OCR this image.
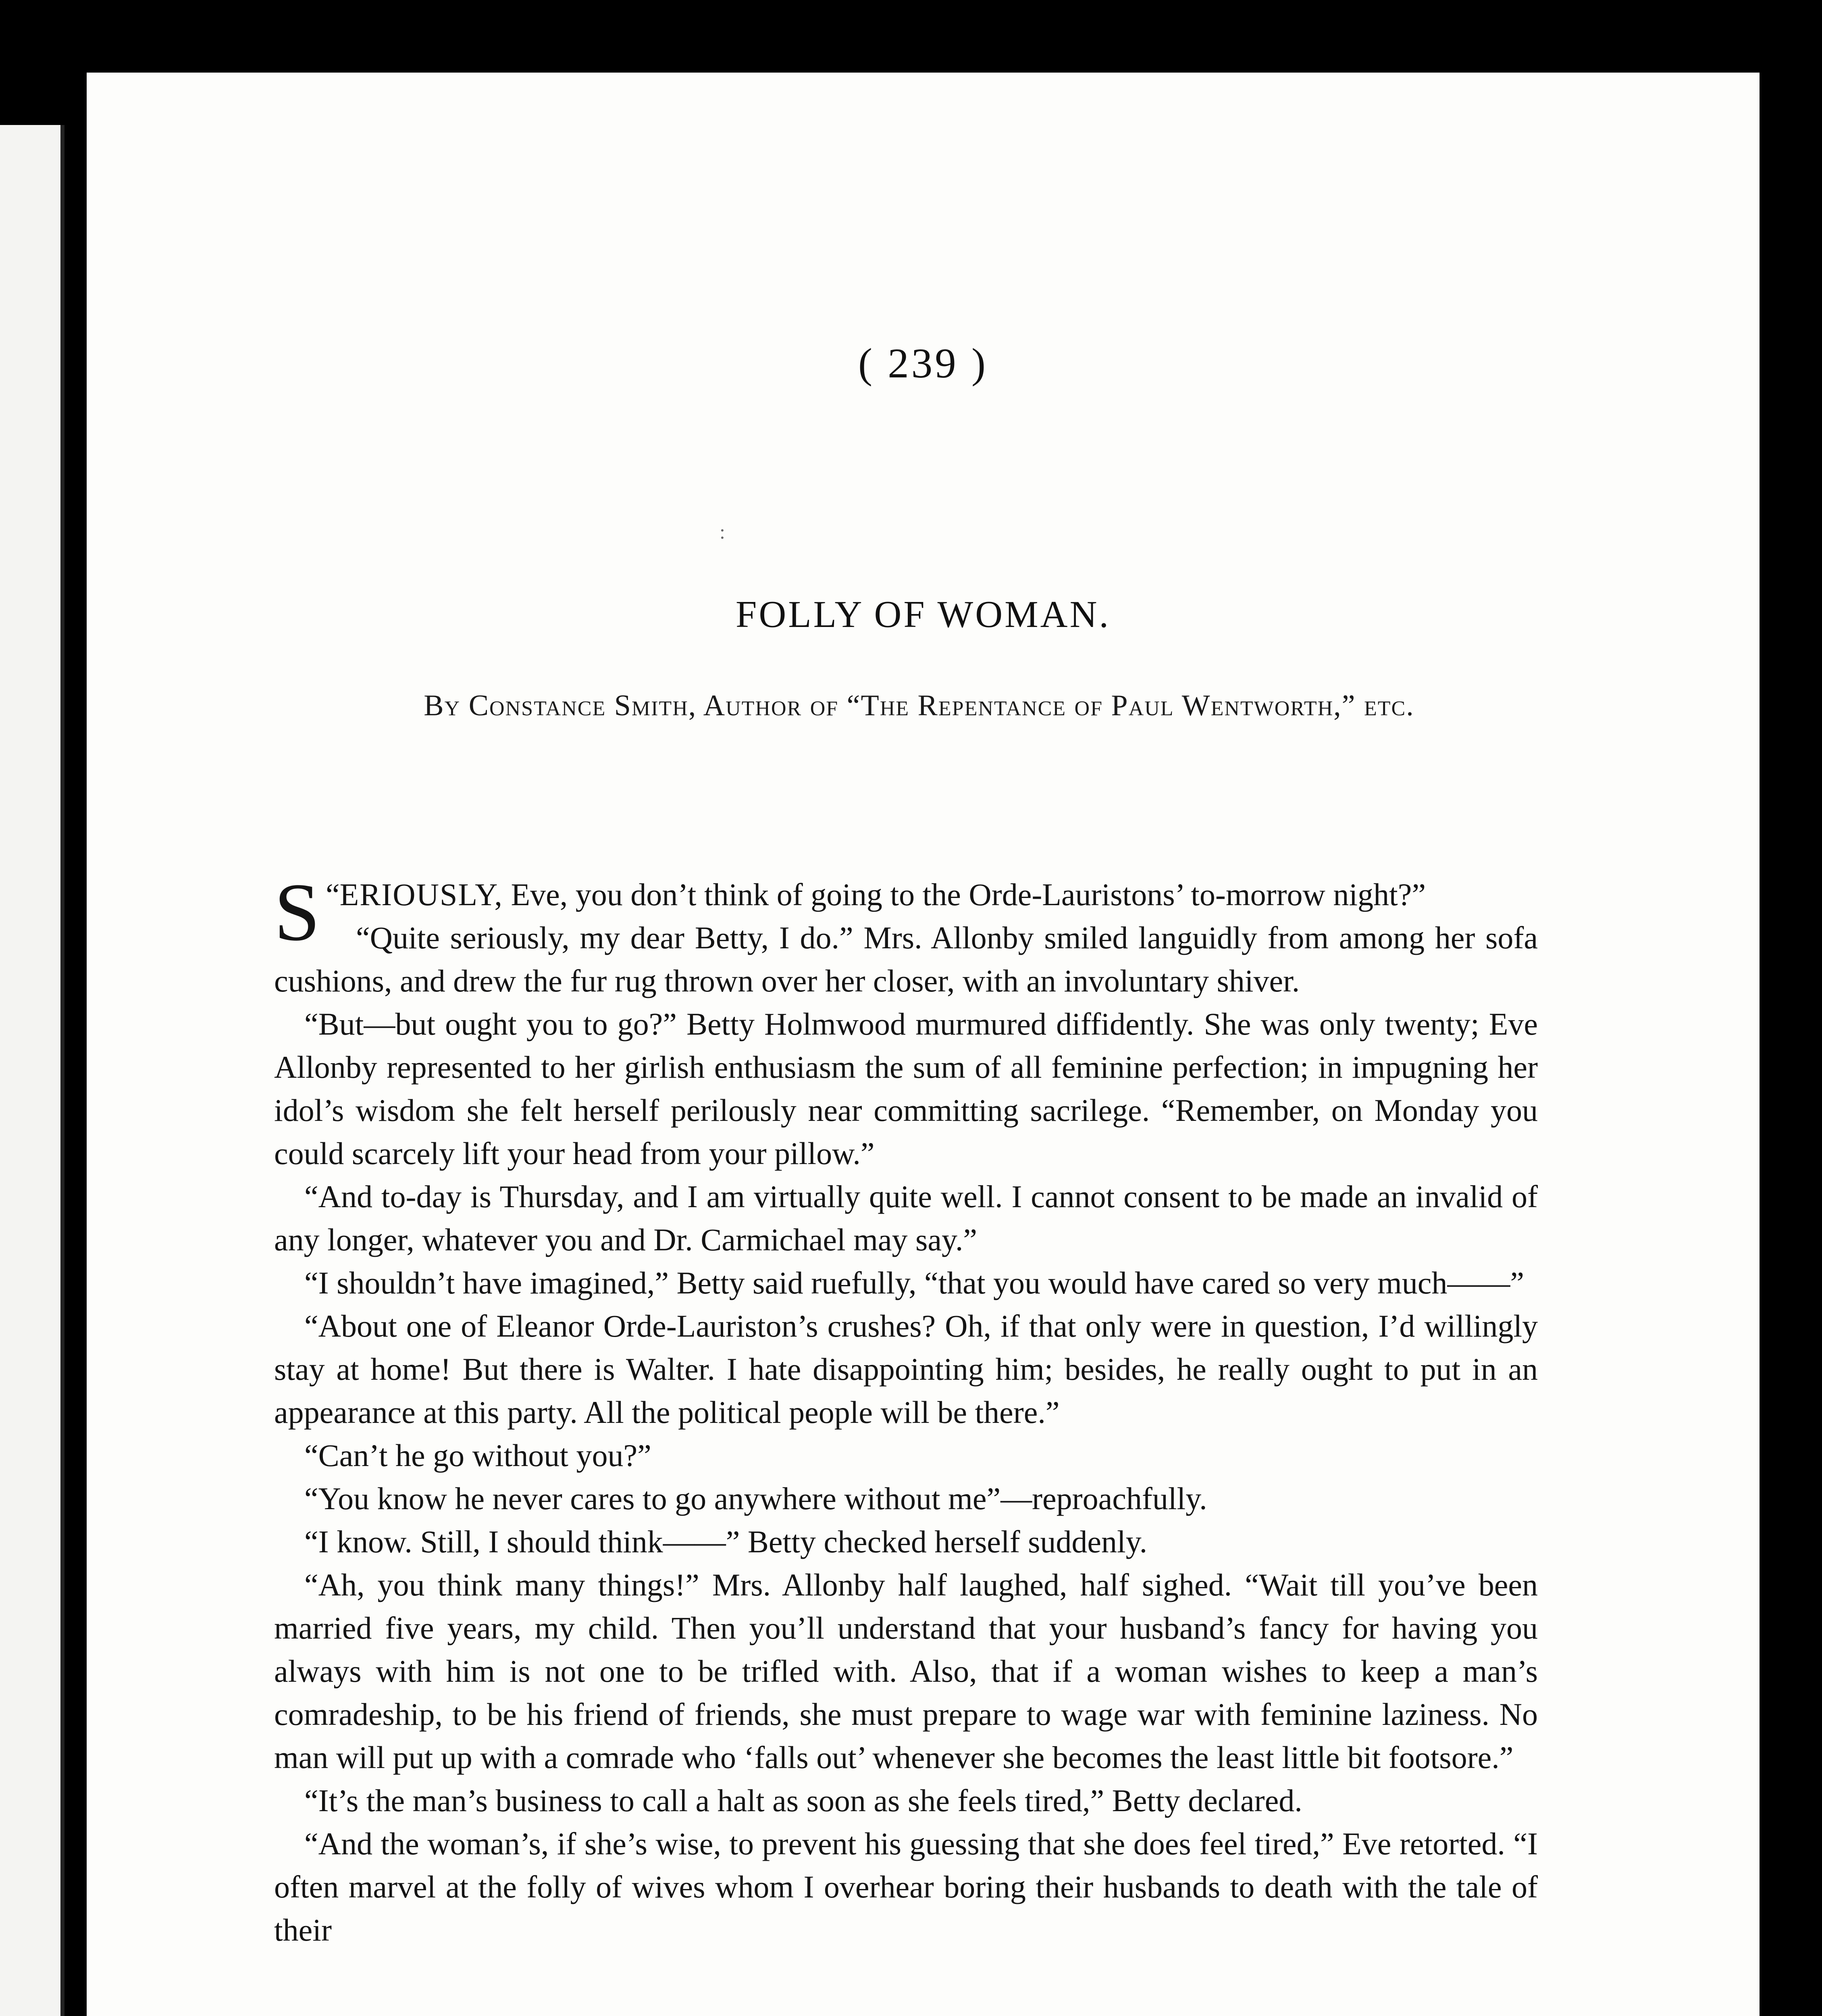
( 239 )
:
FOLLY OF WOMAN.
By Constance Smith, Author of “The Repentance of Paul Wentworth,” etc.

“
S ERIOUSLY, Eve, you don’t think of going to the Orde-Lauristons’ to-morrow night?”

“Quite seriously, my dear Betty, I do.” Mrs. Allonby smiled languidly from among her sofa cushions, and drew the fur rug thrown over her closer, with an involuntary shiver.

“But—but ought you to go?” Betty Holmwood murmured diffidently. She was only twenty; Eve Allonby represented to her girlish enthusiasm the sum of all feminine perfection; in impugning her idol’s wisdom she felt herself perilously near committing sacrilege. “Remember, on Monday you could scarcely lift your head from your pillow.”

“And to-day is Thursday, and I am virtually quite well. I cannot consent to be made an invalid of any longer, whatever you and Dr. Carmichael may say.”

“I shouldn’t have imagined,” Betty said ruefully, “that you would have cared so very much——”

“About one of Eleanor Orde-Lauriston’s crushes? Oh, if that only were in question, I’d willingly stay at home! But there is Walter. I hate disappointing him; besides, he really ought to put in an appearance at this party. All the political people will be there.”

“Can’t he go without you?”

“You know he never cares to go anywhere without me”—reproachfully.

“I know. Still, I should think——” Betty checked herself suddenly.

“Ah, you think many things!” Mrs. Allonby half laughed, half sighed. “Wait till you’ve been married five years, my child. Then you’ll understand that your husband’s fancy for having you always with him is not one to be trifled with. Also, that if a woman wishes to keep a man’s comradeship, to be his friend of friends, she must prepare to wage war with feminine laziness. No man will put up with a comrade who ‘falls out’ whenever she becomes the least little bit footsore.”

“It’s the man’s business to call a halt as soon as she feels tired,” Betty declared.

“And the woman’s, if she’s wise, to prevent his guessing that she does feel tired,” Eve retorted. “I often marvel at the folly of wives whom I overhear boring their husbands to death with the tale of their
